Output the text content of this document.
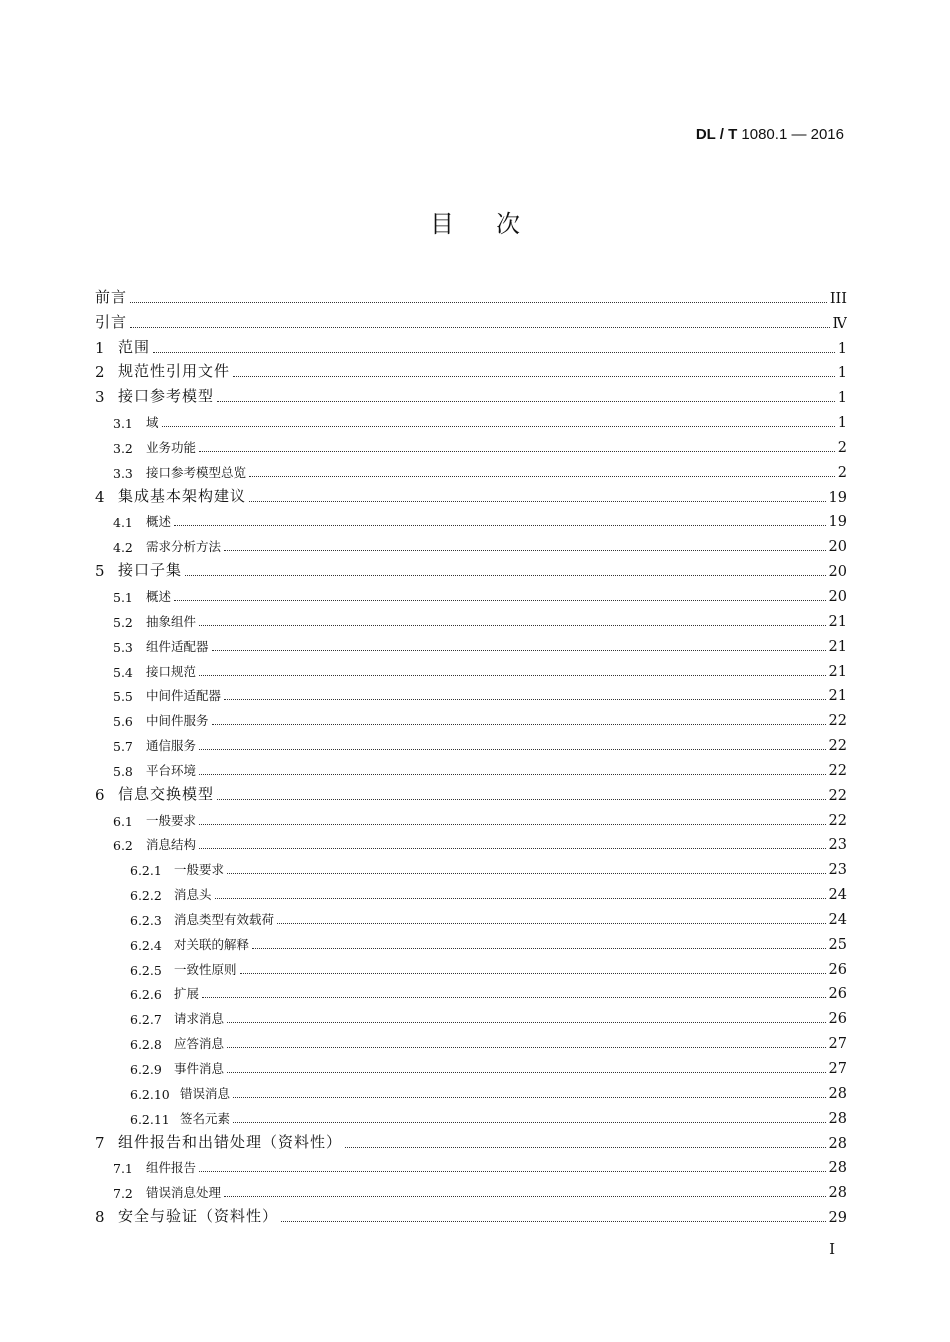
DL / T 1080.1 — 2016
目次
前言	III
引言	Ⅳ
1 范围	1
2 规范性引用文件	1
3 接口参考模型	1
3.1	域	1
3.2	业务功能	2
3.3	接口参考模型总览	2
4 集成基本架构建议	19
4.1	概述	19
4.2	需求分析方法	20
5 接口子集	20
5.1	概述	20
5.2	抽象组件	21
5.3	组件适配器	21
5.4	接口规范	21
5.5	中间件适配器	21
5.6	中间件服务	22
5.7	通信服务	22
5.8	平台环境	22
6 信息交换模型	22
6.1	一般要求	22
6.2	消息结构	23
6.2.1 一般要求	23
6.2.2 消息头	24
6.2.3 消息类型有效载荷	24
6.2.4 对关联的解释	25
6.2.5 一致性原则	26
6.2.6 扩展	26
6.2.7 请求消息	26
6.2.8 应答消息	27
6.2.9 事件消息	27
6.2.10 错误消息	28
6.2.11 签名元素	28
7 组件报告和出错处理（资料性）	28
7.1	组件报告	28
7.2	错误消息处理	28
8 安全与验证（资料性）	29
I
